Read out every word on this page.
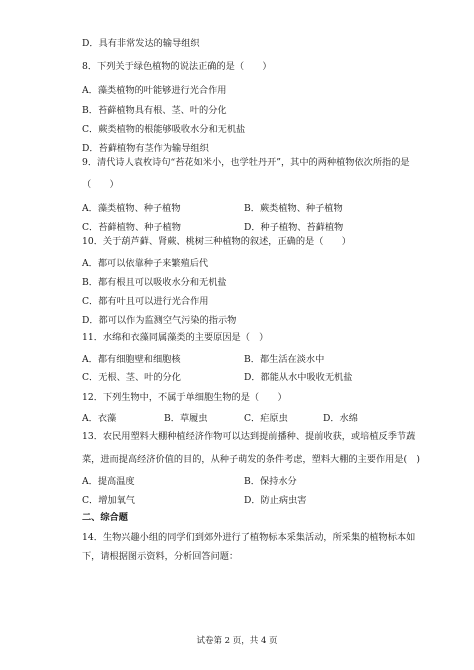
D．具有非常发达的输导组织
8．下列关于绿色植物的说法正确的是（　　）
A．藻类植物的叶能够进行光合作用
B．苔藓植物具有根、茎、叶的分化
C．蕨类植物的根能够吸收水分和无机盐
D．苔藓植物有茎作为输导组织
9．清代诗人袁枚诗句“苔花如米小，也学牡丹开”，其中的两种植物依次所指的是
（　　）
A．藻类植物、种子植物	B．蕨类植物、种子植物
C．苔藓植物、种子植物	D．种子植物、苔藓植物
10．关于葫芦藓、肾蕨、桃树三种植物的叙述，正确的是（　　）
A．都可以依靠种子来繁殖后代
B．都有根且可以吸收水分和无机盐
C．都有叶且可以进行光合作用
D．都可以作为监测空气污染的指示物
11．水绵和衣藻同属藻类的主要原因是（　）
A．都有细胞壁和细胞核	B．都生活在淡水中
C．无根、茎、叶的分化	D．都能从水中吸收无机盐
12．下列生物中，不属于单细胞生物的是（　　）
A．衣藻	B．草履虫	C．疟原虫	D．水绵
13．农民用塑料大棚种植经济作物可以达到提前播种、提前收获，或培植反季节蔬
菜，进而提高经济价值的目的，从种子萌发的条件考虑，塑料大棚的主要作用是(　)
A．提高温度	B．保持水分
C．增加氧气	D．防止病虫害
二、综合题
14．生物兴趣小组的同学们到郊外进行了植物标本采集活动，所采集的植物标本如
下，请根据图示资料，分析回答问题：
试卷第 2 页，共 4 页
